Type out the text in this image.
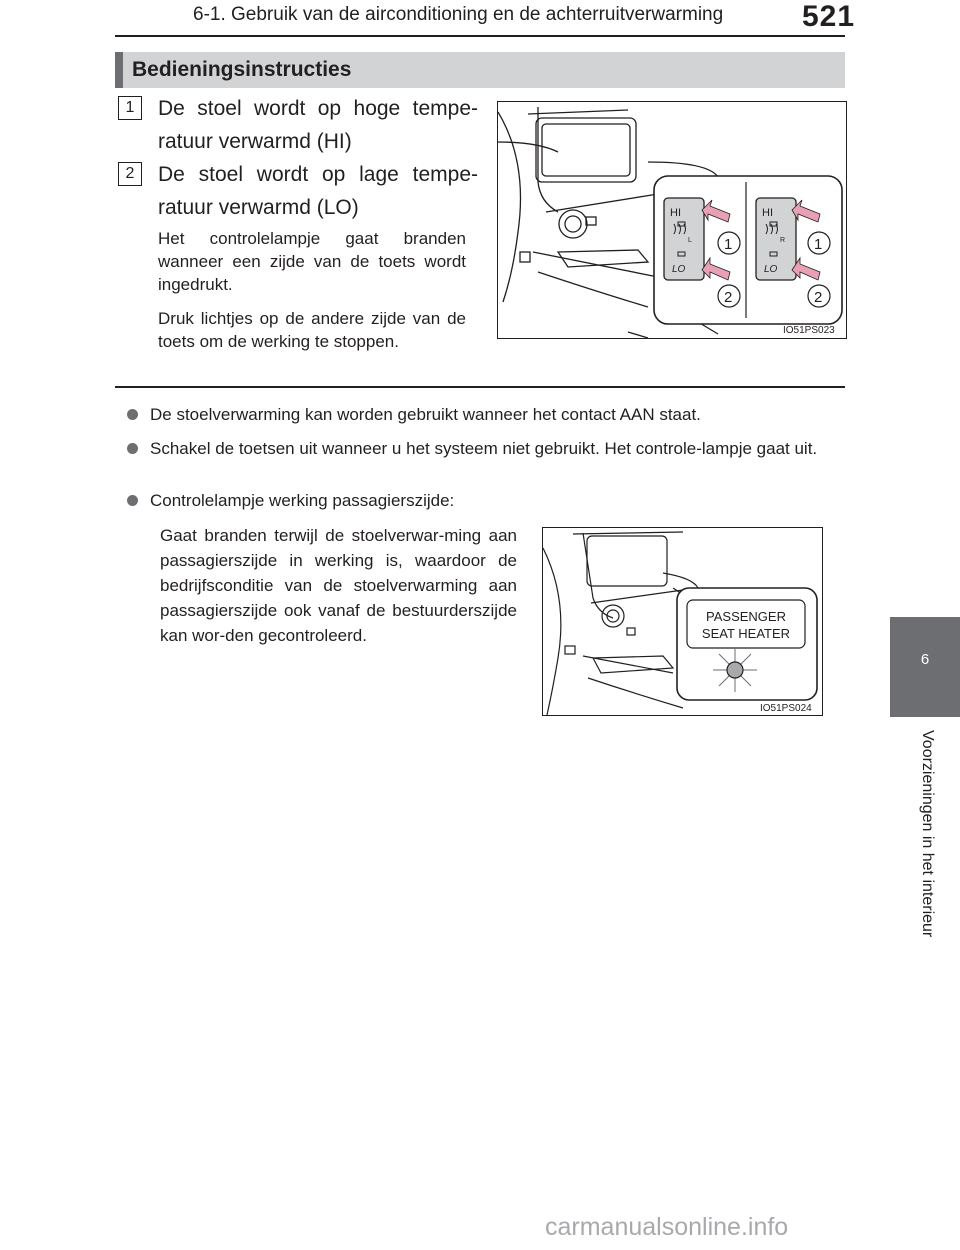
6-1. Gebruik van de airconditioning en de achterruitverwarming	521
6
Voorzieningen in het interieur
Bedieningsinstructies
1	De stoel wordt op hoge tempe-ratuur verwarmd (HI)
2	De stoel wordt op lage tempe-ratuur verwarmd (LO)
Het controlelampje gaat branden wanneer een zijde van de toets wordt ingedrukt.
Druk lichtjes op de andere zijde van de toets om de werking te stoppen.
HI
L
LO
HI
R
LO
1
2
1
2
IO51PS023
De stoelverwarming kan worden gebruikt wanneer het contact AAN staat.
Schakel de toetsen uit wanneer u het systeem niet gebruikt. Het controle-lampje gaat uit.
Controlelampje werking passagierszijde:
Gaat branden terwijl de stoelverwar-ming aan passagierszijde in werking is, waardoor de bedrijfsconditie van de stoelverwarming aan passagierszijde ook vanaf de bestuurderszijde kan wor-den gecontroleerd.
PASSENGER
SEAT HEATER
IO51PS024
carmanualsonline.info
